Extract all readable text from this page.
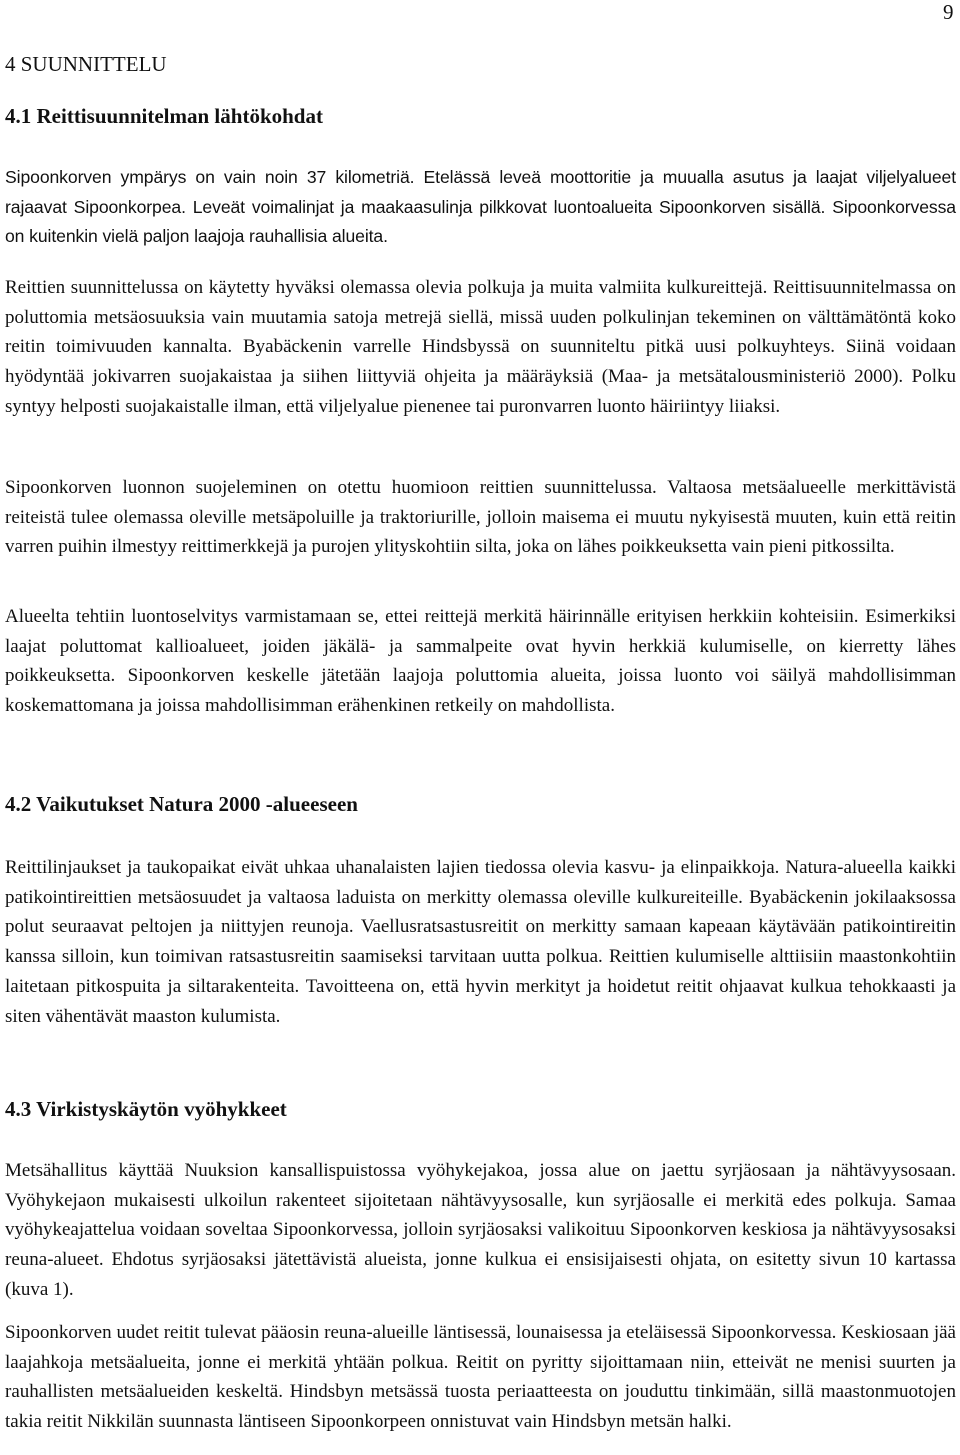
9
4 SUUNNITTELU
4.1 Reittisuunnitelman lähtökohdat

Sipoonkorven ympärys on vain noin 37 kilometriä. Etelässä leveä moottoritie ja muualla asutus ja laajat viljelyalueet rajaavat Sipoonkorpea. Leveät voimalinjat ja maakaasulinja pilkkovat luontoalueita Sipoonkorven sisällä. Sipoonkorvessa on kuitenkin vielä paljon laajoja rauhallisia alueita.

Reittien suunnittelussa on käytetty hyväksi olemassa olevia polkuja ja muita valmiita kulkureittejä. Reittisuunnitelmassa on poluttomia metsäosuuksia vain muutamia satoja metrejä siellä, missä uuden polkulinjan tekeminen on välttämätöntä koko reitin toimivuuden kannalta. Byabäckenin varrelle Hindsbyssä on suunniteltu pitkä uusi polkuyhteys. Siinä voidaan hyödyntää jokivarren suojakaistaa ja siihen liittyviä ohjeita ja määräyksiä (Maa- ja metsätalousministeriö 2000). Polku syntyy helposti suojakaistalle ilman, että viljelyalue pienenee tai puronvarren luonto häiriintyy liiaksi.

Sipoonkorven luonnon suojeleminen on otettu huomioon reittien suunnittelussa. Valtaosa metsäalueelle merkittävistä reiteistä tulee olemassa oleville metsäpoluille ja traktoriurille, jolloin maisema ei muutu nykyisestä muuten, kuin että reitin varren puihin ilmestyy reittimerkkejä ja purojen ylityskohtiin silta, joka on lähes poikkeuksetta vain pieni pitkossilta.

Alueelta tehtiin luontoselvitys varmistamaan se, ettei reittejä merkitä häirinnälle erityisen herkkiin kohteisiin. Esimerkiksi laajat poluttomat kallioalueet, joiden jäkälä- ja sammalpeite ovat hyvin herkkiä kulumiselle, on kierretty lähes poikkeuksetta. Sipoonkorven keskelle jätetään laajoja poluttomia alueita, joissa luonto voi säilyä mahdollisimman koskemattomana ja joissa mahdollisimman erähenkinen retkeily on mahdollista.

4.2 Vaikutukset Natura 2000 -alueeseen

Reittilinjaukset ja taukopaikat eivät uhkaa uhanalaisten lajien tiedossa olevia kasvu- ja elinpaikkoja. Natura-alueella kaikki patikointireittien metsäosuudet ja valtaosa laduista on merkitty olemassa oleville kulkureiteille. Byabäckenin jokilaaksossa polut seuraavat peltojen ja niittyjen reunoja. Vaellusratsastusreitit on merkitty samaan kapeaan käytävään patikointireitin kanssa silloin, kun toimivan ratsastusreitin saamiseksi tarvitaan uutta polkua. Reittien kulumiselle alttiisiin maastonkohtiin laitetaan pitkospuita ja siltarakenteita. Tavoitteena on, että hyvin merkityt ja hoidetut reitit ohjaavat kulkua tehokkaasti ja siten vähentävät maaston kulumista.

4.3 Virkistyskäytön vyöhykkeet

Metsähallitus käyttää Nuuksion kansallispuistossa vyöhykejakoa, jossa alue on jaettu syrjäosaan ja nähtävyysosaan. Vyöhykejaon mukaisesti ulkoilun rakenteet sijoitetaan nähtävyysosalle, kun syrjäosalle ei merkitä edes polkuja. Samaa vyöhykeajattelua voidaan soveltaa Sipoonkorvessa, jolloin syrjäosaksi valikoituu Sipoonkorven keskiosa ja nähtävyysosaksi reuna-alueet. Ehdotus syrjäosaksi jätettävistä alueista, jonne kulkua ei ensisijaisesti ohjata, on esitetty sivun 10 kartassa (kuva 1).

Sipoonkorven uudet reitit tulevat pääosin reuna-alueille läntisessä, lounaisessa ja eteläisessä Sipoonkorvessa. Keskiosaan jää laajahkoja metsäalueita, jonne ei merkitä yhtään polkua. Reitit on pyritty sijoittamaan niin, etteivät ne menisi suurten ja rauhallisten metsäalueiden keskeltä. Hindsbyn metsässä tuosta periaatteesta on jouduttu tinkimään, sillä maastonmuotojen takia reitit Nikkilän suunnasta läntiseen Sipoonkorpeen onnistuvat vain Hindsbyn metsän halki.
